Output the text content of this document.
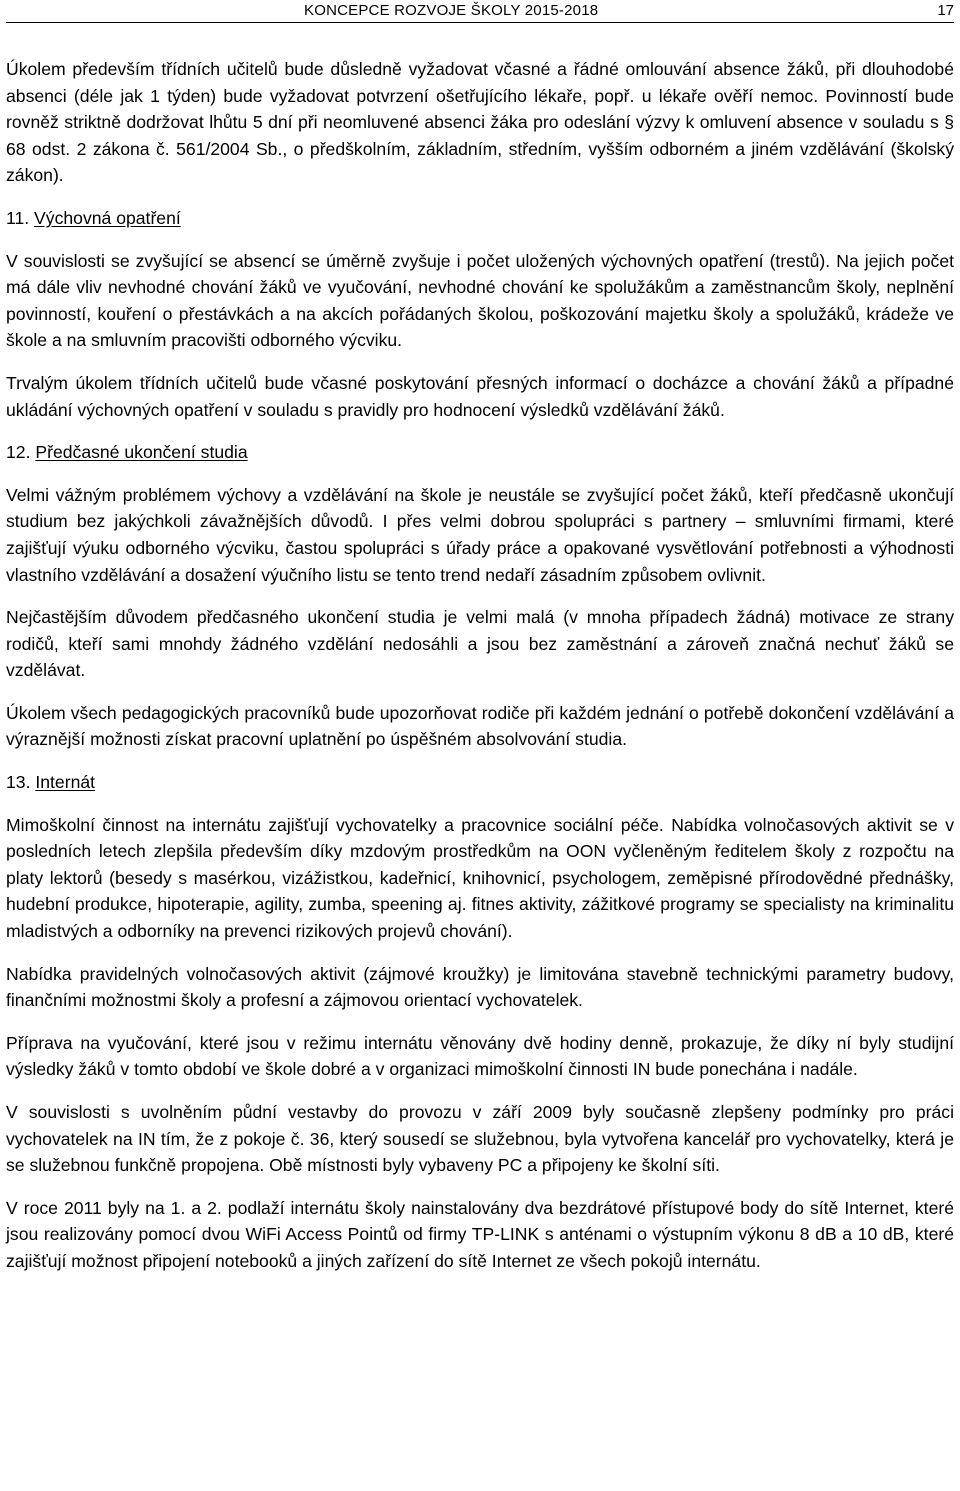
KONCEPCE ROZVOJE ŠKOLY 2015-2018	17

Úkolem především třídních učitelů bude důsledně vyžadovat včasné a řádné omlouvání absence žáků, při dlouhodobé absenci (déle jak 1 týden) bude vyžadovat potvrzení ošetřujícího lékaře, popř. u lékaře ověří nemoc. Povinností bude rovněž striktně dodržovat lhůtu 5 dní při neomluvené absenci žáka pro odeslání výzvy k omluvení absence v souladu s § 68 odst. 2 zákona č. 561/2004 Sb., o předškolním, základním, středním, vyšším odborném a jiném vzdělávání (školský zákon).

11. Výchovná opatření

V souvislosti se zvyšující se absencí se úměrně zvyšuje i počet uložených výchovných opatření (trestů). Na jejich počet má dále vliv nevhodné chování žáků ve vyučování, nevhodné chování ke spolužákům a zaměstnancům školy, neplnění povinností, kouření o přestávkách a na akcích pořádaných školou, poškozování majetku školy a spolužáků, krádeže ve škole a na smluvním pracovišti odborného výcviku.

Trvalým úkolem třídních učitelů bude včasné poskytování přesných informací o docházce a chování žáků a případné ukládání výchovných opatření v souladu s pravidly pro hodnocení výsledků vzdělávání žáků.

12. Předčasné ukončení studia

Velmi vážným problémem výchovy a vzdělávání na škole je neustále se zvyšující počet žáků, kteří předčasně ukončují studium bez jakýchkoli závažnějších důvodů. I přes velmi dobrou spolupráci s partnery – smluvními firmami, které zajišťují výuku odborného výcviku, častou spolupráci s úřady práce a opakované vysvětlování potřebnosti a výhodnosti vlastního vzdělávání a dosažení výučního listu se tento trend nedaří zásadním způsobem ovlivnit.

Nejčastějším důvodem předčasného ukončení studia je velmi malá (v mnoha případech žádná) motivace ze strany rodičů, kteří sami mnohdy žádného vzdělání nedosáhli a jsou bez zaměstnání a zároveň značná nechuť žáků se vzdělávat.

Úkolem všech pedagogických pracovníků bude upozorňovat rodiče při každém jednání o potřebě dokončení vzdělávání a výraznější možnosti získat pracovní uplatnění po úspěšném absolvování studia.

13. Internát

Mimoškolní činnost na internátu zajišťují vychovatelky a pracovnice sociální péče. Nabídka volnočasových aktivit se v posledních letech zlepšila především díky mzdovým prostředkům na OON vyčleněným ředitelem školy z rozpočtu na platy lektorů (besedy s masérkou, vizážistkou, kadeřnicí, knihovnicí, psychologem, zeměpisné přírodovědné přednášky, hudební produkce, hipoterapie, agility, zumba, speening aj. fitnes aktivity, zážitkové programy se specialisty na kriminalitu mladistvých a odborníky na prevenci rizikových projevů chování).

Nabídka pravidelných volnočasových aktivit (zájmové kroužky) je limitována stavebně technickými parametry budovy, finančními možnostmi školy a profesní a zájmovou orientací vychovatelek.

Příprava na vyučování, které jsou v režimu internátu věnovány dvě hodiny denně, prokazuje, že díky ní byly studijní výsledky žáků v tomto období ve škole dobré a v organizaci mimoškolní činnosti IN bude ponechána i nadále.

V souvislosti s uvolněním půdní vestavby do provozu v září 2009 byly současně zlepšeny podmínky pro práci vychovatelek na IN tím, že z pokoje č. 36, který sousedí se služebnou, byla vytvořena kancelář pro vychovatelky, která je se služebnou funkčně propojena. Obě místnosti byly vybaveny PC a připojeny ke školní síti.

V roce 2011 byly na 1. a 2. podlaží internátu školy nainstalovány dva bezdrátové přístupové body do sítě Internet, které jsou realizovány pomocí dvou WiFi Access Pointů od firmy TP-LINK s anténami o výstupním výkonu 8 dB a 10 dB, které zajišťují možnost připojení notebooků a jiných zařízení do sítě Internet ze všech pokojů internátu.
